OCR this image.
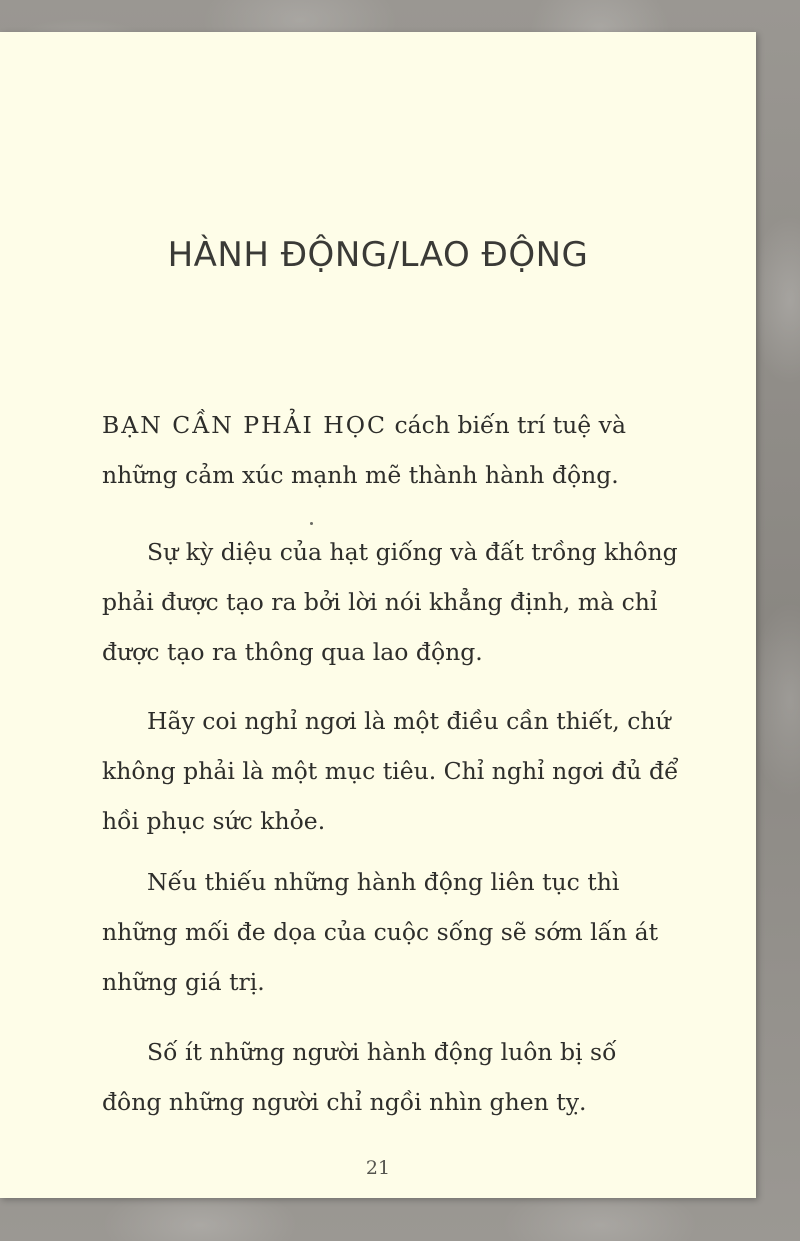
HÀNH ĐỘNG/LAO ĐỘNG

BẠN CẦN PHẢI HỌC cách biến trí tuệ và
những cảm xúc mạnh mẽ thành hành động.

Sự kỳ diệu của hạt giống và đất trồng không
phải được tạo ra bởi lời nói khẳng định, mà chỉ
được tạo ra thông qua lao động.

Hãy coi nghỉ ngơi là một điều cần thiết, chứ
không phải là một mục tiêu. Chỉ nghỉ ngơi đủ để
hồi phục sức khỏe.

Nếu thiếu những hành động liên tục thì
những mối đe dọa của cuộc sống sẽ sớm lấn át
những giá trị.

Số ít những người hành động luôn bị số
đông những người chỉ ngồi nhìn ghen tỵ.

21
